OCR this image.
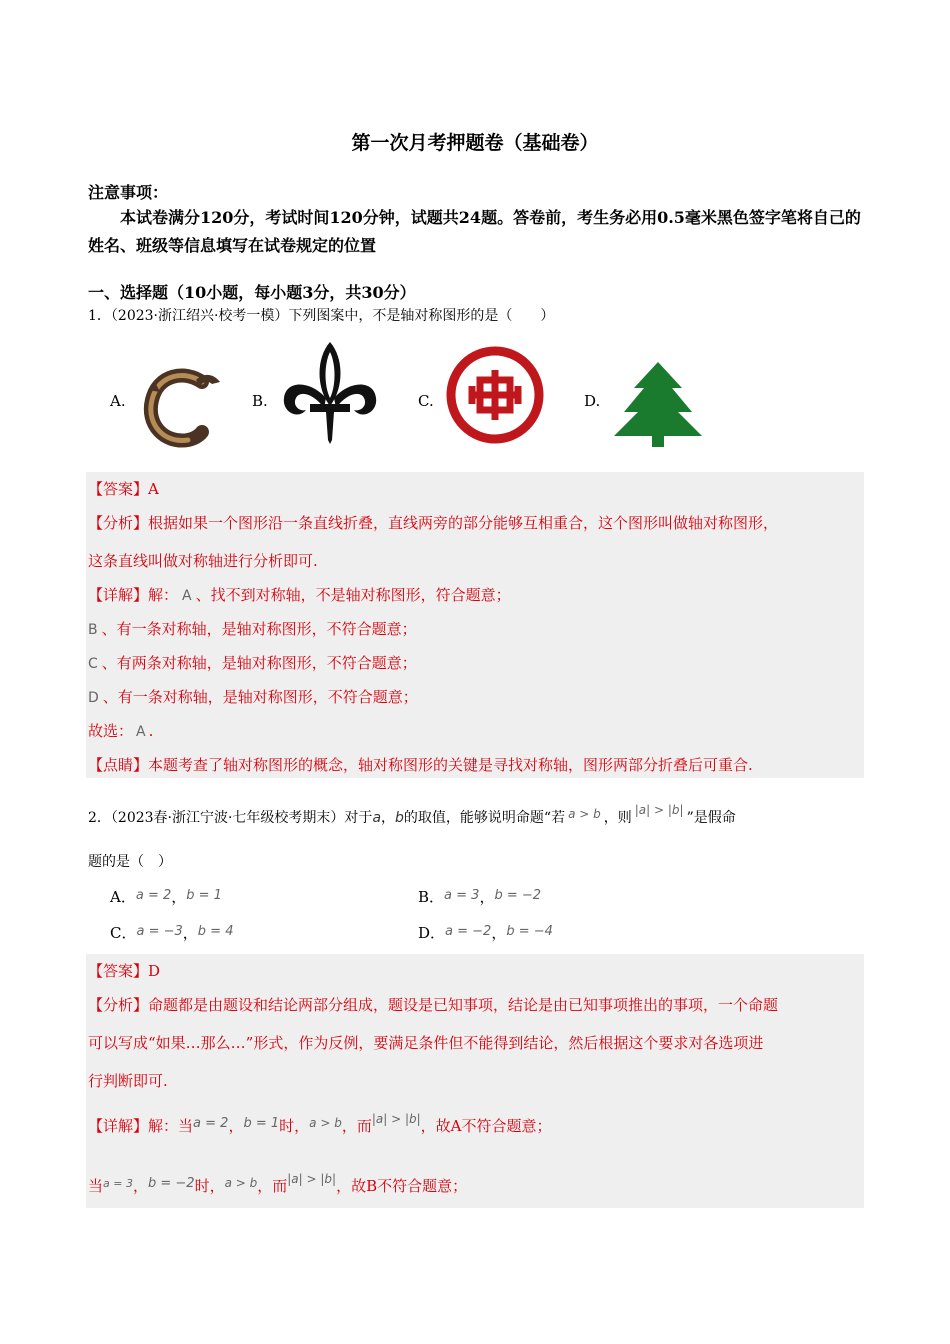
第一次月考押题卷（基础卷）
注意事项：
本试卷满分120分，考试时间120分钟，试题共24题。答卷前，考生务必用0.5毫米黑色签字笔将自己的姓名、班级等信息填写在试卷规定的位置
一、选择题（10小题，每小题3分，共30分）
1．（2023·浙江绍兴·校考一模）下列图案中，不是轴对称图形的是（　　）
A.	B.	C.	D.
【答案】A
【分析】根据如果一个图形沿一条直线折叠，直线两旁的部分能够互相重合，这个图形叫做轴对称图形，
这条直线叫做对称轴进行分析即可.
【详解】解： A 、找不到对称轴，不是轴对称图形，符合题意；
B 、有一条对称轴，是轴对称图形，不符合题意；
C 、有两条对称轴，是轴对称图形，不符合题意；
D 、有一条对称轴，是轴对称图形，不符合题意；
故选： A .
【点睛】本题考查了轴对称图形的概念，轴对称图形的关键是寻找对称轴，图形两部分折叠后可重合.
2．（2023春·浙江宁波·七年级校考期末）对于a，b的取值，能够说明命题“若 a > b ，则 |a| > |b| ”是假命
题的是（　）
A．a = 2，b = 1	B．a = 3，b = −2
C．a = −3，b = 4	D．a = −2，b = −4
【答案】D
【分析】命题都是由题设和结论两部分组成，题设是已知事项，结论是由已知事项推出的事项，一个命题
可以写成“如果…那么…”形式，作为反例，要满足条件但不能得到结论，然后根据这个要求对各选项进
行判断即可.
【详解】解：当a = 2，b = 1时，$^{a > b}$，而$^{|a| > |b|}$，故A不符合题意；
当$^{a = 3}$，b = −2时，$^{a > b}$，而$^{|a| > |b|}$，故B不符合题意；
